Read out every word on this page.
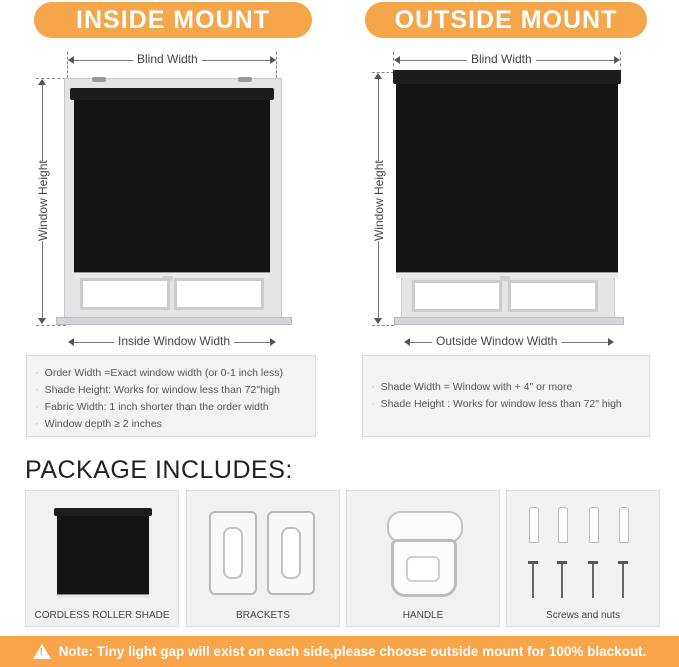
INSIDE MOUNT
Blind Width
Window Height
Inside Window Width
· Order Width =Exact window width (or 0-1 inch less)
· Shade Height: Works for window less than 72"high
· Fabric Width: 1 inch shorter than the order width
· Window depth ≥ 2 inches
OUTSIDE MOUNT
Blind Width
Window Height
Outside Window Width
· Shade Width = Window with + 4" or more
· Shade Height : Works for window less than 72" high
PACKAGE INCLUDES:
CORDLESS ROLLER SHADE	BRACKETS	HANDLE	Screws and nuts
! Note: Tiny light gap will exist on each side,please choose outside mount for 100% blackout.
